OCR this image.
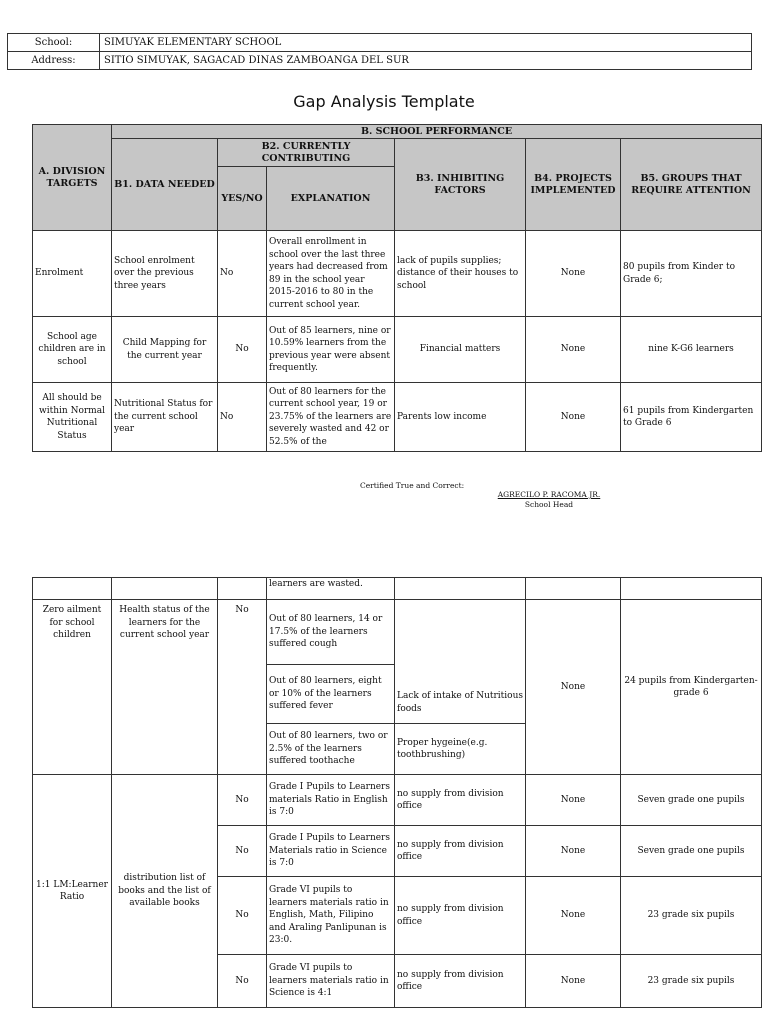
School:	SIMUYAK ELEMENTARY SCHOOL
Address:	SITIO SIMUYAK, SAGACAD DINAS ZAMBOANGA DEL SUR
Gap Analysis Template
A. DIVISION TARGETS	B. SCHOOL PERFORMANCE					
	B1. DATA NEEDED	B2. CURRENTLY CONTRIBUTING		B3. INHIBITING FACTORS	B4. PROJECTS IMPLEMENTED	B5. GROUPS THAT REQUIRE ATTENTION
		YES/NO	EXPLANATION			
Enrolment	School enrolment over the previous three years	No	Overall enrollment in school over the last three years had decreased from 89 in the school year 2015-2016 to 80 in the current school year.	lack of pupils supplies; distance of their houses to school	None	80 pupils from Kinder to Grade 6;
School age children are in school	Child Mapping for the current year	No	Out of 85 learners, nine or 10.59% learners from the previous year were absent frequently.	Financial matters	None	nine K-G6 learners
All should be within Normal Nutritional Status	Nutritional Status for the current school year	No	Out of 80 learners for the current school year, 19 or 23.75% of the learners are severely wasted and 42 or 52.5% of the	Parents low income	None	61 pupils from Kindergarten to Grade 6
Certified True and Correct:
AGRECILO P. RACOMA JR.
School Head
			learners are wasted.			
Zero ailment for school children	Health status of the learners for the current school year	No	Out of 80 learners, 14 or 17.5% of the learners suffered cough	Lack of intake of Nutritious foods	None	24 pupils from Kindergarten-grade 6
			Out of 80 learners, eight or 10% of the learners suffered fever			
			Out of 80 learners, two or 2.5% of the learners suffered toothache	Proper hygeine(e.g. toothbrushing)		
1:1 LM:Learner Ratio	distribution list of books and the list of available books	No	Grade I Pupils to Learners materials Ratio in English is 7:0	no supply from division office	None	Seven grade one pupils
		No	Grade I Pupils to Learners Materials ratio in Science is 7:0	no supply from division office	None	Seven grade one pupils
		No	Grade VI pupils to learners materials ratio in English, Math, Filipino and Araling Panlipunan is 23:0.	no supply from division office	None	23 grade six pupils
		No	Grade VI pupils to learners materials ratio in Science is 4:1	no supply from division office	None	23 grade six pupils
